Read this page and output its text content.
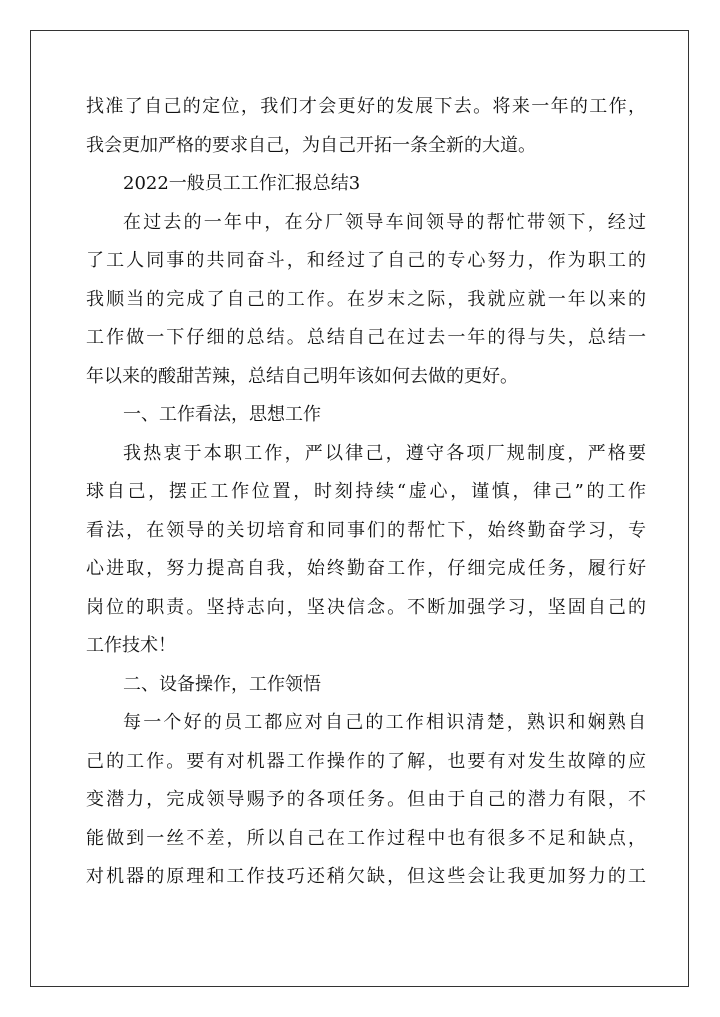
找准了自己的定位，我们才会更好的发展下去。将来一年的工作，
我会更加严格的要求自己，为自己开拓一条全新的大道。
2022一般员工工作汇报总结3
在过去的一年中，在分厂领导车间领导的帮忙带领下，经过
了工人同事的共同奋斗，和经过了自己的专心努力，作为职工的
我顺当的完成了自己的工作。在岁末之际，我就应就一年以来的
工作做一下仔细的总结。总结自己在过去一年的得与失，总结一
年以来的酸甜苦辣，总结自己明年该如何去做的更好。
一、工作看法，思想工作
我热衷于本职工作，严以律己，遵守各项厂规制度，严格要
球自己，摆正工作位置，时刻持续“虚心，谨慎，律己”的工作
看法，在领导的关切培育和同事们的帮忙下，始终勤奋学习，专
心进取，努力提高自我，始终勤奋工作，仔细完成任务，履行好
岗位的职责。坚持志向，坚决信念。不断加强学习，坚固自己的
工作技术！
二、设备操作，工作领悟
每一个好的员工都应对自己的工作相识清楚，熟识和娴熟自
己的工作。要有对机器工作操作的了解，也要有对发生故障的应
变潜力，完成领导赐予的各项任务。但由于自己的潜力有限，不
能做到一丝不差，所以自己在工作过程中也有很多不足和缺点，
对机器的原理和工作技巧还稍欠缺，但这些会让我更加努力的工
